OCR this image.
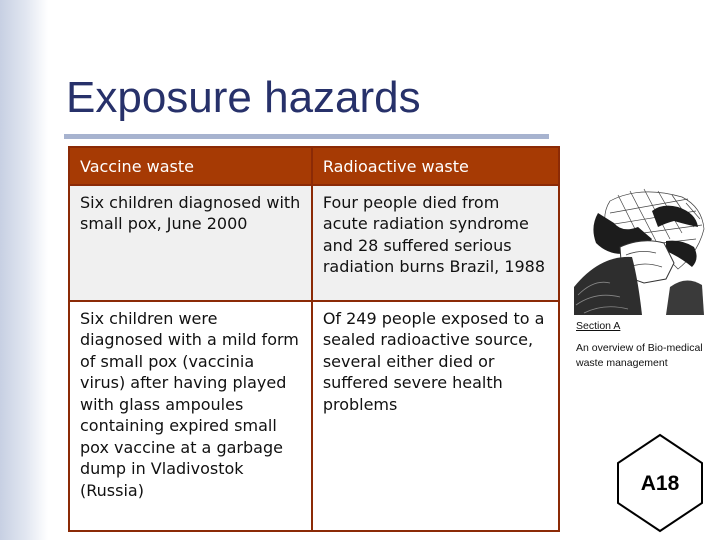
Exposure hazards
Vaccine waste	Radioactive waste
Six children diagnosed with small pox, June 2000	Four people died from acute radiation syndrome and 28 suffered serious radiation burns Brazil, 1988
Six children were diagnosed with a mild form of small pox (vaccinia virus) after having played with glass ampoules containing expired small pox vaccine at a garbage dump in Vladivostok (Russia)	Of 249 people exposed to a sealed radioactive source, several either died or suffered severe health problems
Section A
An overview of Bio-medical waste management
A18
